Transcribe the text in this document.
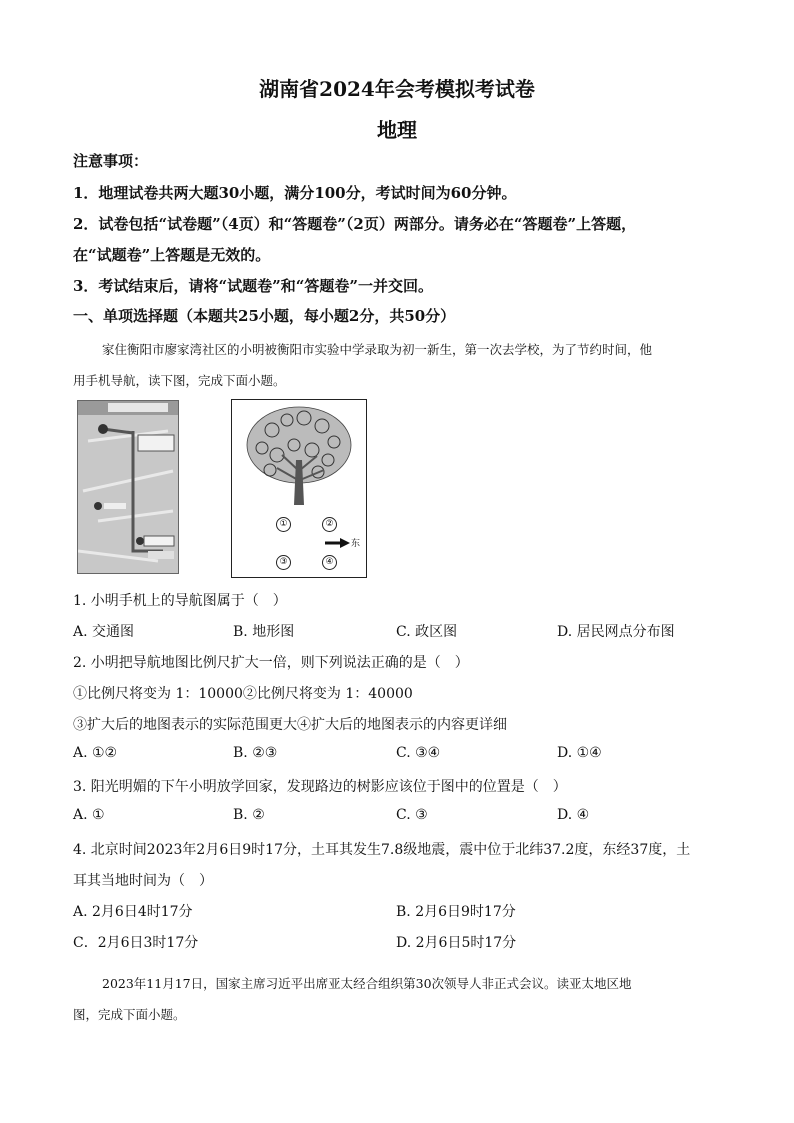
湖南省2024年会考模拟考试卷
地理
注意事项：
1．地理试卷共两大题30小题，满分100分，考试时间为60分钟。
2．试卷包括“试卷题”（4页）和“答题卷”（2页）两部分。请务必在“答题卷”上答题，
在“试题卷”上答题是无效的。
3．考试结束后，请将“试题卷”和“答题卷”一并交回。
一、单项选择题（本题共25小题，每小题2分，共50分）
家住衡阳市廖家湾社区的小明被衡阳市实验中学录取为初一新生，第一次去学校，为了节约时间，他
用手机导航，读下图，完成下面小题。
①	②
③	④
东
1. 小明手机上的导航图属于（　）
A. 交通图	B. 地形图	C. 政区图	D. 居民网点分布图
2. 小明把导航地图比例尺扩大一倍，则下列说法正确的是（　）
①比例尺将变为 1：10000②比例尺将变为 1：40000
③扩大后的地图表示的实际范围更大④扩大后的地图表示的内容更详细
A. ①②	B. ②③	C. ③④	D. ①④
3. 阳光明媚的下午小明放学回家，发现路边的树影应该位于图中的位置是（　）
A. ①	B. ②	C. ③	D. ④
4. 北京时间2023年2月6日9时17分，土耳其发生7.8级地震，震中位于北纬37.2度，东经37度，土
耳其当地时间为（　）
A. 2月6日4时17分	B. 2月6日9时17分
C．2月6日3时17分	D. 2月6日5时17分
2023年11月17日，国家主席习近平出席亚太经合组织第30次领导人非正式会议。读亚太地区地
图，完成下面小题。
